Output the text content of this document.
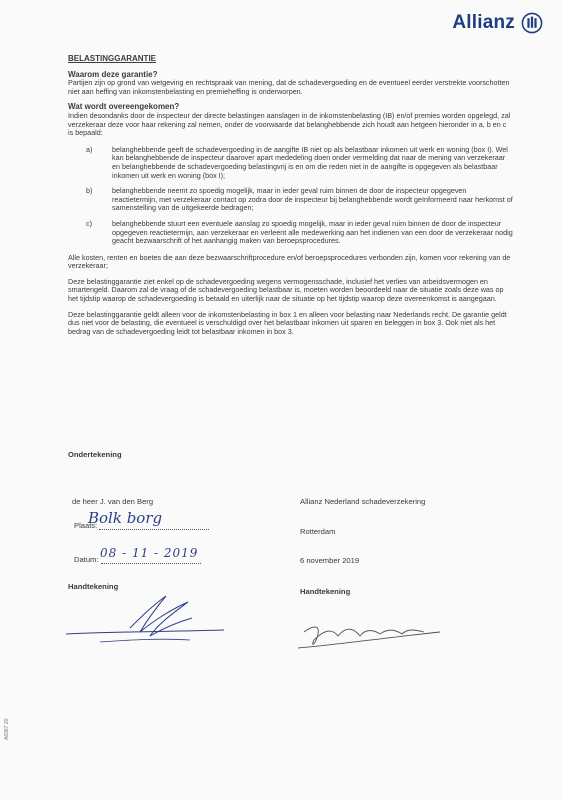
Allianz

BELASTINGGARANTIE

Waarom deze garantie?

Partijen zijn op grond van wetgeving en rechtspraak van mening, dat de schadevergoeding en de eventueel eerder verstrekte voorschotten niet aan heffing van inkomstenbelasting en premieheffing is onderworpen.

Wat wordt overeengekomen?

Indien desondanks door de inspecteur der directe belastingen aanslagen in de inkomstenbelasting (IB) en/of premies worden opgelegd, zal verzekeraar deze voor haar rekening zal nemen, onder de voorwaarde dat belanghebbende zich houdt aan hetgeen hieronder in a, b en c is bepaald:

a)	belanghebbende geeft de schadevergoeding in de aangifte IB niet op als belastbaar inkomen uit werk en woning (box I). Wel kan belanghebbende de inspecteur daarover apart mededeling doen onder vermelding dat naar de mening van verzekeraar en belanghebbende de schadevergoeding belastingvrij is en om die reden niet in de aangifte is opgegeven als belastbaar inkomen uit werk en woning (box I);
b)	belanghebbende neemt zo spoedig mogelijk, maar in ieder geval ruim binnen de door de inspecteur opgegeven reactietermijn, met verzekeraar contact op zodra door de inspecteur bij belanghebbende wordt geïnformeerd naar herkomst of samenstelling van de uitgekeerde bedragen;
c)	belanghebbende stuurt een eventuele aanslag zo spoedig mogelijk, maar in ieder geval ruim binnen de door de inspecteur opgegeven reactietermijn, aan verzekeraar en verleent alle medewerking aan het indienen van een door de verzekeraar nodig geacht bezwaarschrift of het aanhangig maken van beroepsprocedures.

Alle kosten, renten en boetes die aan deze bezwaarschriftprocedure en/of beroepsprocedures verbonden zijn, komen voor rekening van de verzekeraar;

Deze belastinggarantie ziet enkel op de schadevergoeding wegens vermogensschade, inclusief het verlies van arbeidsvermogen en smartengeld. Daarom zal de vraag of de schadevergoeding belastbaar is, moeten worden beoordeeld naar de situatie zoals deze was op het tijdstip waarop de schadevergoeding is betaald en uiterlijk naar de situatie op het tijdstip waarop deze overeenkomst is aangegaan.

Deze belastinggarantie geldt alleen voor de inkomstenbelasting in box 1 en alleen voor belasting naar Nederlands recht. De garantie geldt dus niet voor de belasting, die eventueel is verschuldigd over het belastbaar inkomen uit sparen en beleggen in box 3. Ook niet als het bedrag van de schadevergoeding leidt tot belastbaar inkomen in box 3.

Ondertekening
de heer J. van den Berg
Plaats:
Bolk borg
Datum: 08 - 11 - 2019
Handtekening
Allianz Nederland schadeverzekering
Rotterdam
6 november 2019
Handtekening
A6367 20
